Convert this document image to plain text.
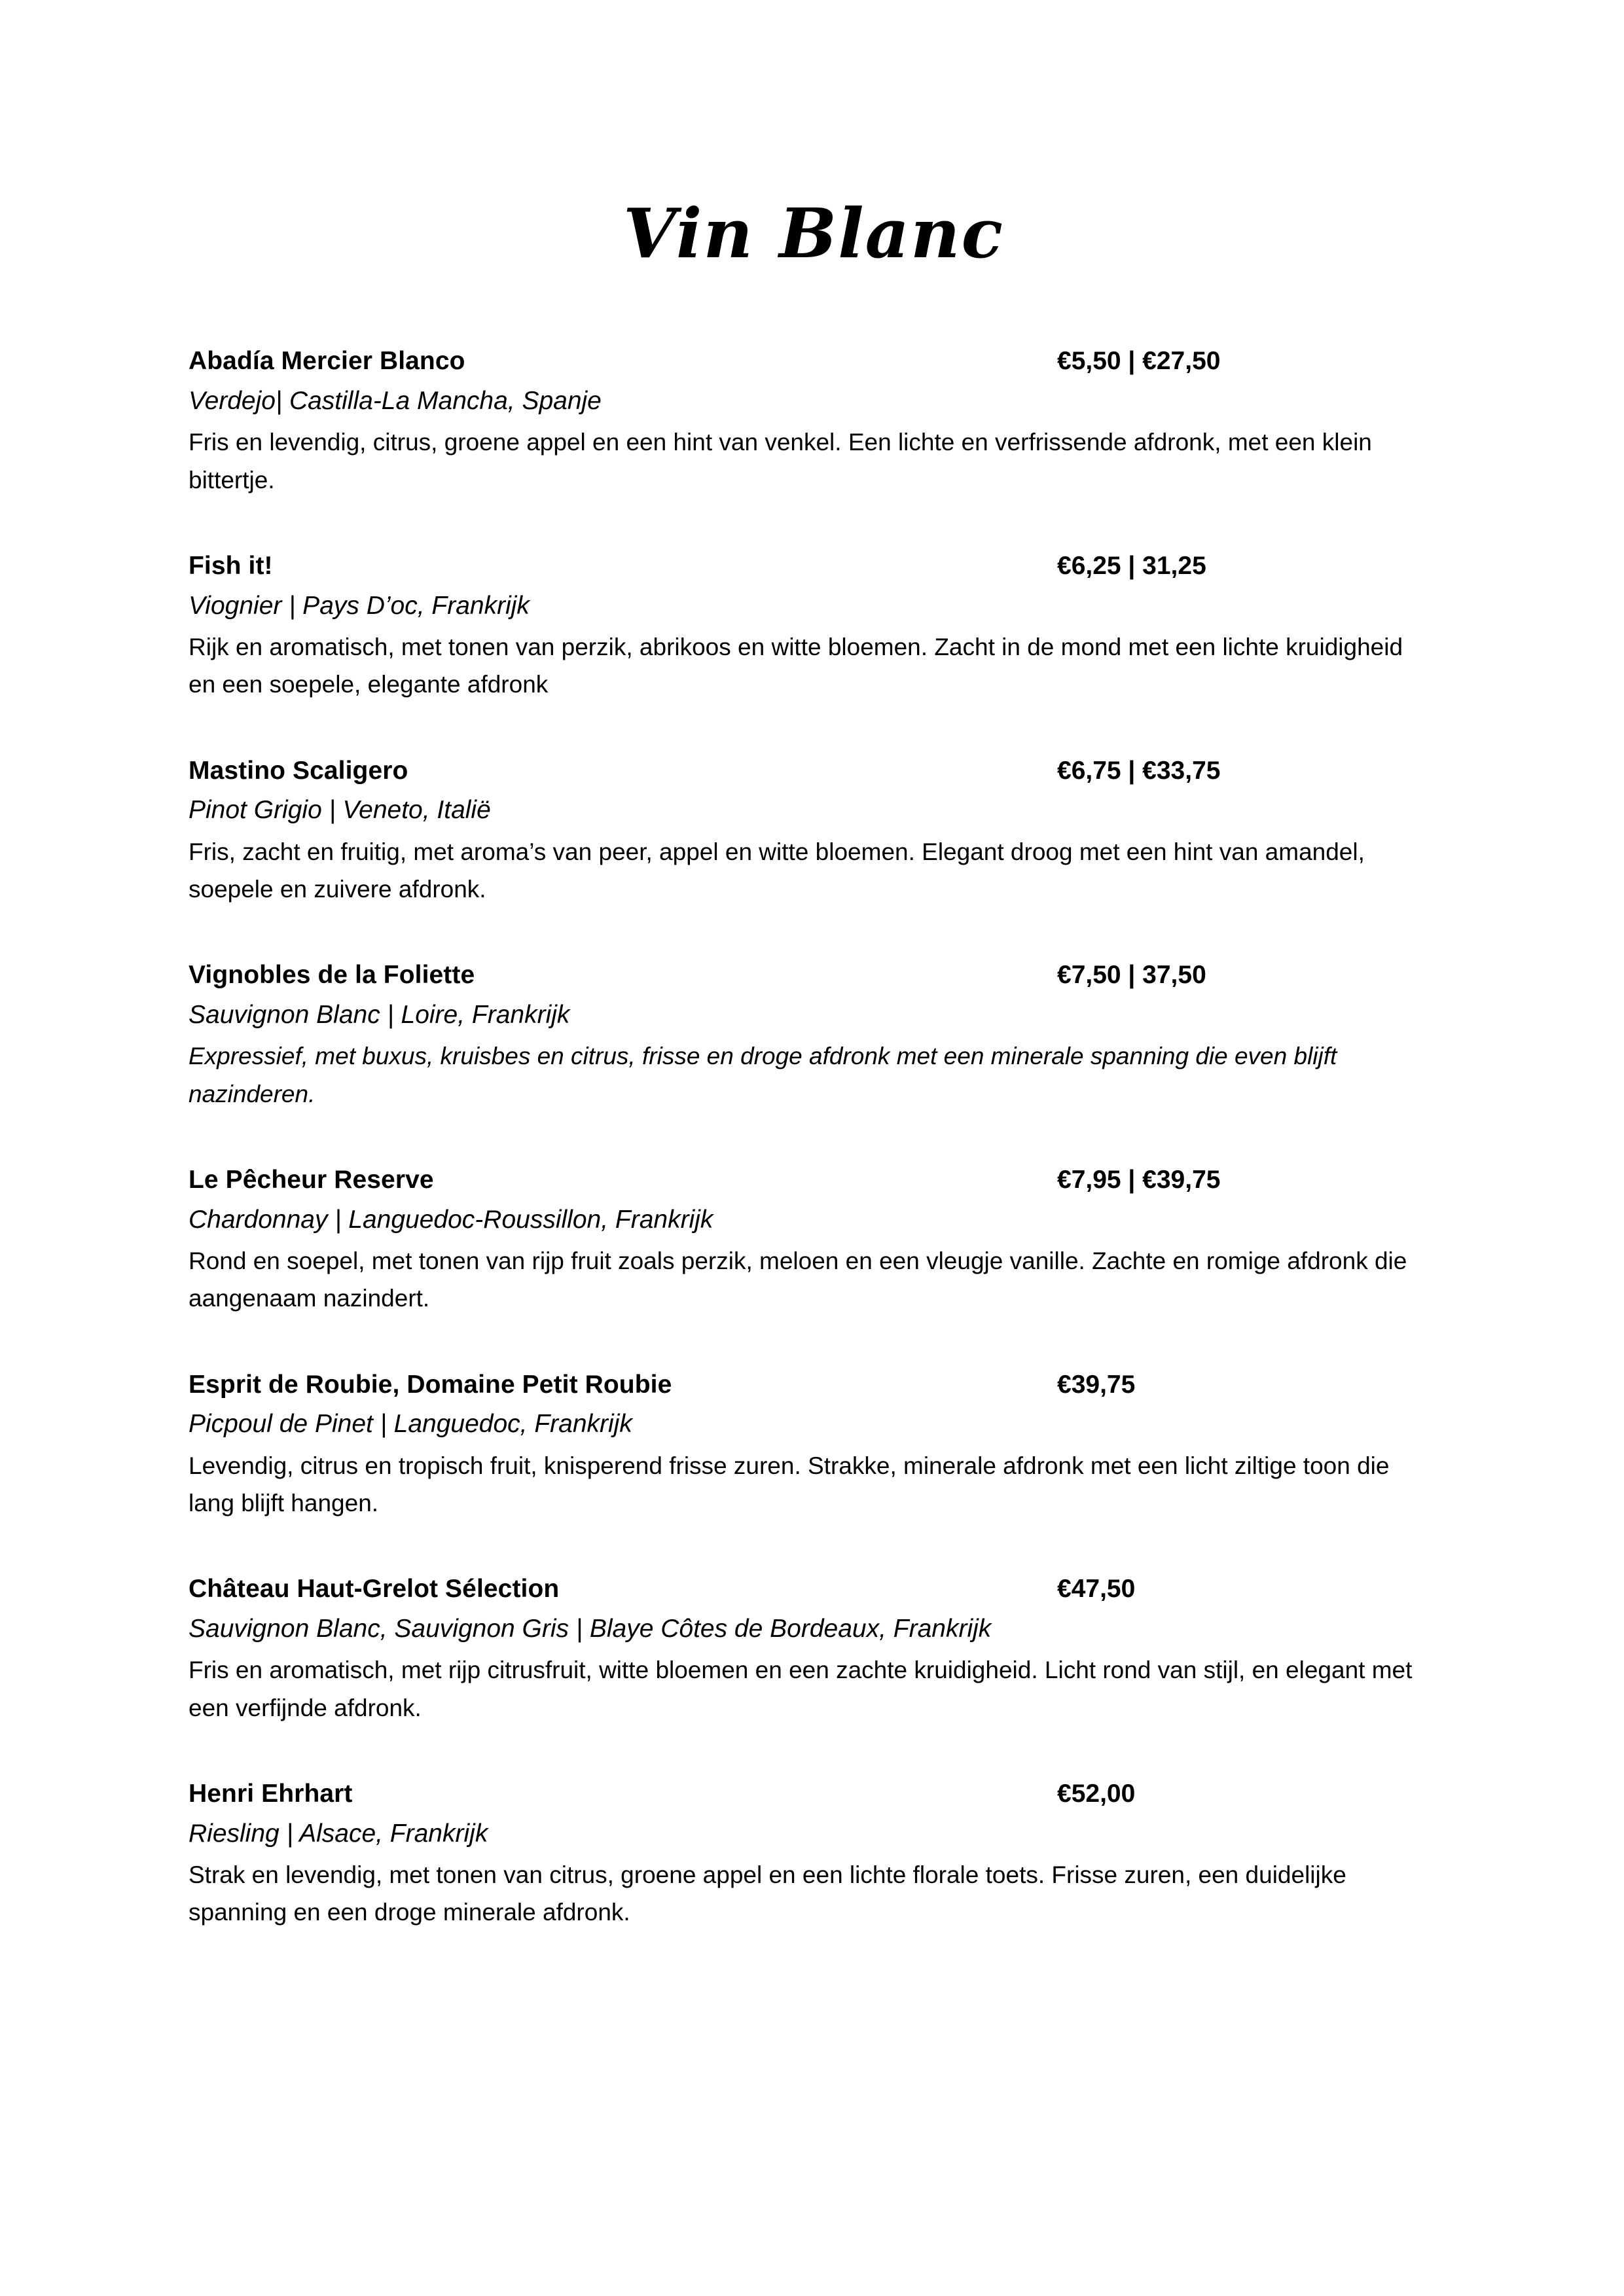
Vin Blanc
Abadía Mercier Blanco	€5,50 | €27,50
Verdejo| Castilla-La Mancha, Spanje
Fris en levendig, citrus, groene appel en een hint van venkel. Een lichte en verfrissende afdronk, met een klein bittertje.
Fish it!	€6,25 | 31,25
Viognier | Pays D’oc, Frankrijk
Rijk en aromatisch, met tonen van perzik, abrikoos en witte bloemen. Zacht in de mond met een lichte kruidigheid en een soepele, elegante afdronk
Mastino Scaligero	€6,75 | €33,75
Pinot Grigio | Veneto, Italië
Fris, zacht en fruitig, met aroma’s van peer, appel en witte bloemen. Elegant droog met een hint van amandel, soepele en zuivere afdronk.
Vignobles de la Foliette	€7,50 | 37,50
Sauvignon Blanc | Loire, Frankrijk
Expressief, met buxus, kruisbes en citrus, frisse en droge afdronk met een minerale spanning die even blijft nazinderen.
Le Pêcheur Reserve	€7,95 | €39,75
Chardonnay | Languedoc-Roussillon, Frankrijk
Rond en soepel, met tonen van rijp fruit zoals perzik, meloen en een vleugje vanille. Zachte en romige afdronk die aangenaam nazindert.
Esprit de Roubie, Domaine Petit Roubie	€39,75
Picpoul de Pinet | Languedoc, Frankrijk
Levendig, citrus en tropisch fruit, knisperend frisse zuren. Strakke, minerale afdronk met een licht ziltige toon die lang blijft hangen.
Château Haut-Grelot Sélection	€47,50
Sauvignon Blanc, Sauvignon Gris | Blaye Côtes de Bordeaux, Frankrijk
Fris en aromatisch, met rijp citrusfruit, witte bloemen en een zachte kruidigheid. Licht rond van stijl, en elegant met een verfijnde afdronk.
Henri Ehrhart	€52,00
Riesling | Alsace, Frankrijk
Strak en levendig, met tonen van citrus, groene appel en een lichte florale toets. Frisse zuren, een duidelijke spanning en een droge minerale afdronk.
